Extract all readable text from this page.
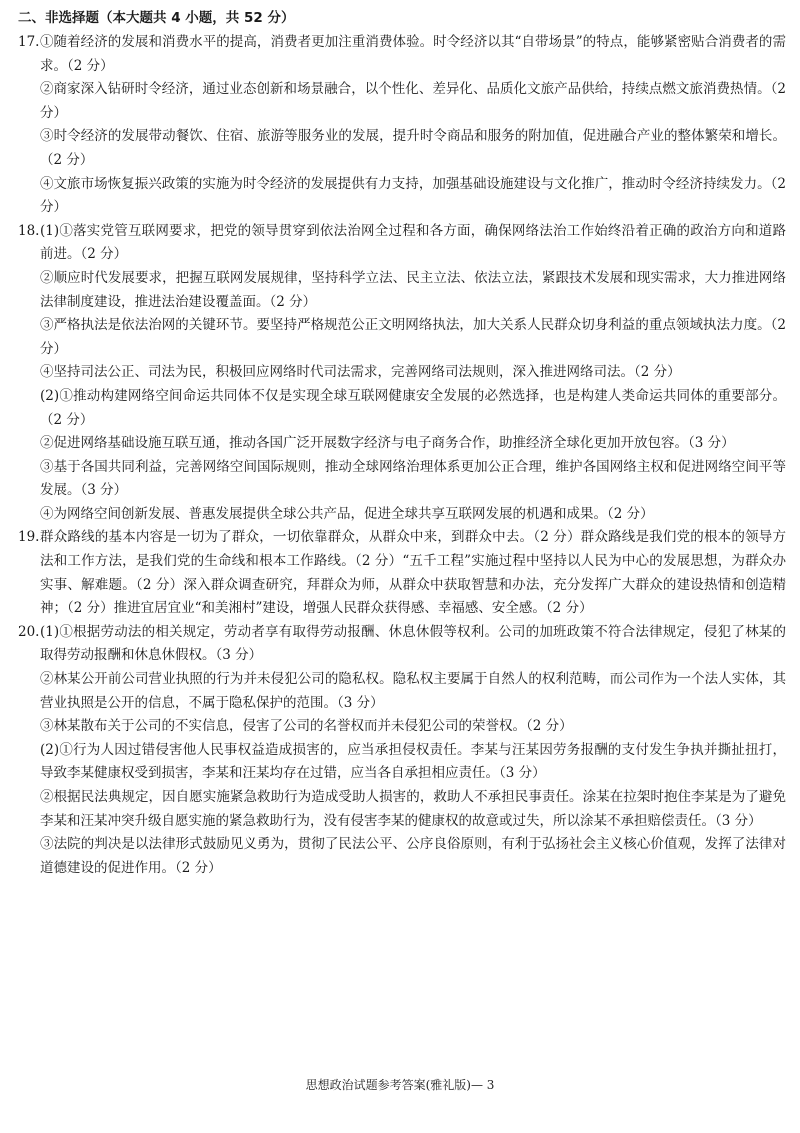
二、非选择题（本大题共 4 小题，共 52 分）
17. ①随着经济的发展和消费水平的提高，消费者更加注重消费体验。时令经济以其“自带场景”的特点，能够紧密贴合消费者的需求。（2 分）

②商家深入钻研时令经济，通过业态创新和场景融合，以个性化、差异化、品质化文旅产品供给，持续点燃文旅消费热情。（2 分）

③时令经济的发展带动餐饮、住宿、旅游等服务业的发展，提升时令商品和服务的附加值，促进融合产业的整体繁荣和增长。（2 分）

④文旅市场恢复振兴政策的实施为时令经济的发展提供有力支持，加强基础设施建设与文化推广，推动时令经济持续发力。（2 分）

18. (1)①落实党管互联网要求，把党的领导贯穿到依法治网全过程和各方面，确保网络法治工作始终沿着正确的政治方向和道路前进。（2 分）

②顺应时代发展要求，把握互联网发展规律，坚持科学立法、民主立法、依法立法，紧跟技术发展和现实需求，大力推进网络法律制度建设，推进法治建设覆盖面。（2 分）

③严格执法是依法治网的关键环节。要坚持严格规范公正文明网络执法，加大关系人民群众切身利益的重点领域执法力度。（2 分）

④坚持司法公正、司法为民，积极回应网络时代司法需求，完善网络司法规则，深入推进网络司法。（2 分）

(2)①推动构建网络空间命运共同体不仅是实现全球互联网健康安全发展的必然选择，也是构建人类命运共同体的重要部分。（2 分）

②促进网络基础设施互联互通，推动各国广泛开展数字经济与电子商务合作，助推经济全球化更加开放包容。（3 分）

③基于各国共同利益，完善网络空间国际规则，推动全球网络治理体系更加公正合理，维护各国网络主权和促进网络空间平等发展。（3 分）

④为网络空间创新发展、普惠发展提供全球公共产品，促进全球共享互联网发展的机遇和成果。（2 分）

19. 群众路线的基本内容是一切为了群众，一切依靠群众，从群众中来，到群众中去。（2 分）群众路线是我们党的根本的领导方法和工作方法，是我们党的生命线和根本工作路线。（2 分）“五千工程”实施过程中坚持以人民为中心的发展思想，为群众办实事、解难题。（2 分）深入群众调查研究，拜群众为师，从群众中获取智慧和办法，充分发挥广大群众的建设热情和创造精神；（2 分）推进宜居宜业“和美湘村”建设，增强人民群众获得感、幸福感、安全感。（2 分）

20. (1)①根据劳动法的相关规定，劳动者享有取得劳动报酬、休息休假等权利。公司的加班政策不符合法律规定，侵犯了林某的取得劳动报酬和休息休假权。（3 分）

②林某公开前公司营业执照的行为并未侵犯公司的隐私权。隐私权主要属于自然人的权利范畴，而公司作为一个法人实体，其营业执照是公开的信息，不属于隐私保护的范围。（3 分）

③林某散布关于公司的不实信息，侵害了公司的名誉权而并未侵犯公司的荣誉权。（2 分）

(2)①行为人因过错侵害他人民事权益造成损害的，应当承担侵权责任。李某与汪某因劳务报酬的支付发生争执并撕扯扭打，导致李某健康权受到损害，李某和汪某均存在过错，应当各自承担相应责任。（3 分）

②根据民法典规定，因自愿实施紧急救助行为造成受助人损害的，救助人不承担民事责任。涂某在拉架时抱住李某是为了避免李某和汪某冲突升级自愿实施的紧急救助行为，没有侵害李某的健康权的故意或过失，所以涂某不承担赔偿责任。（3 分）

③法院的判决是以法律形式鼓励见义勇为，贯彻了民法公平、公序良俗原则，有利于弘扬社会主义核心价值观，发挥了法律对道德建设的促进作用。（2 分）

思想政治试题参考答案(雅礼版)— 3
